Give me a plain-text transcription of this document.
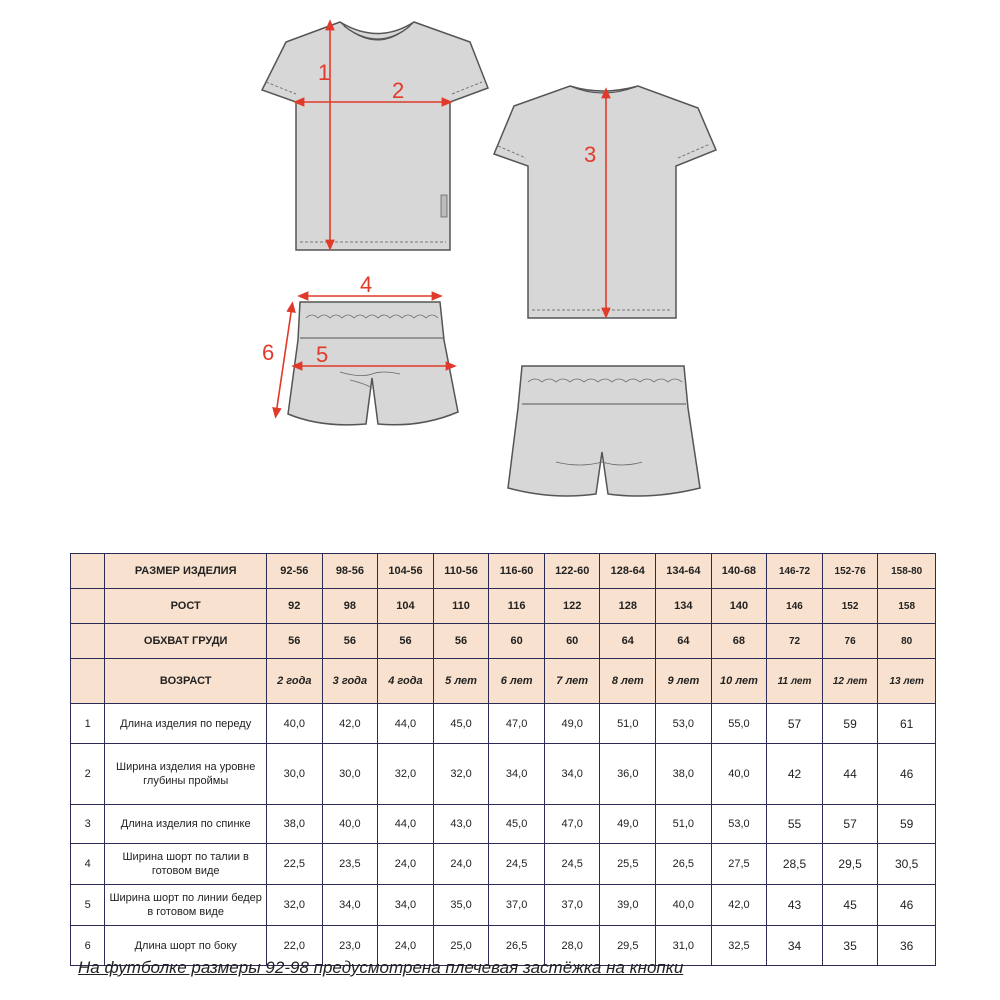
1
2
3
4
5
6
	РАЗМЕР ИЗДЕЛИЯ	92-56	98-56	104-56	110-56	116-60	122-60	128-64	134-64	140-68	146-72	152-76	158-80
	РОСТ	92	98	104	110	116	122	128	134	140	146	152	158
	ОБХВАТ ГРУДИ	56	56	56	56	60	60	64	64	68	72	76	80
	ВОЗРАСТ	2 года	3 года	4 года	5 лет	6 лет	7 лет	8 лет	9 лет	10 лет	11 лет	12 лет	13 лет
1	Длина изделия по переду	40,0	42,0	44,0	45,0	47,0	49,0	51,0	53,0	55,0	57	59	61
2	Ширина изделия на уровне глубины проймы	30,0	30,0	32,0	32,0	34,0	34,0	36,0	38,0	40,0	42	44	46
3	Длина изделия по спинке	38,0	40,0	44,0	43,0	45,0	47,0	49,0	51,0	53,0	55	57	59
4	Ширина шорт по талии в готовом виде	22,5	23,5	24,0	24,0	24,5	24,5	25,5	26,5	27,5	28,5	29,5	30,5
5	Ширина шорт по линии бедер в готовом виде	32,0	34,0	34,0	35,0	37,0	37,0	39,0	40,0	42,0	43	45	46
6	Длина шорт по боку	22,0	23,0	24,0	25,0	26,5	28,0	29,5	31,0	32,5	34	35	36
На футболке размеры 92-98 предусмотрена плечевая застёжка на кнопки
